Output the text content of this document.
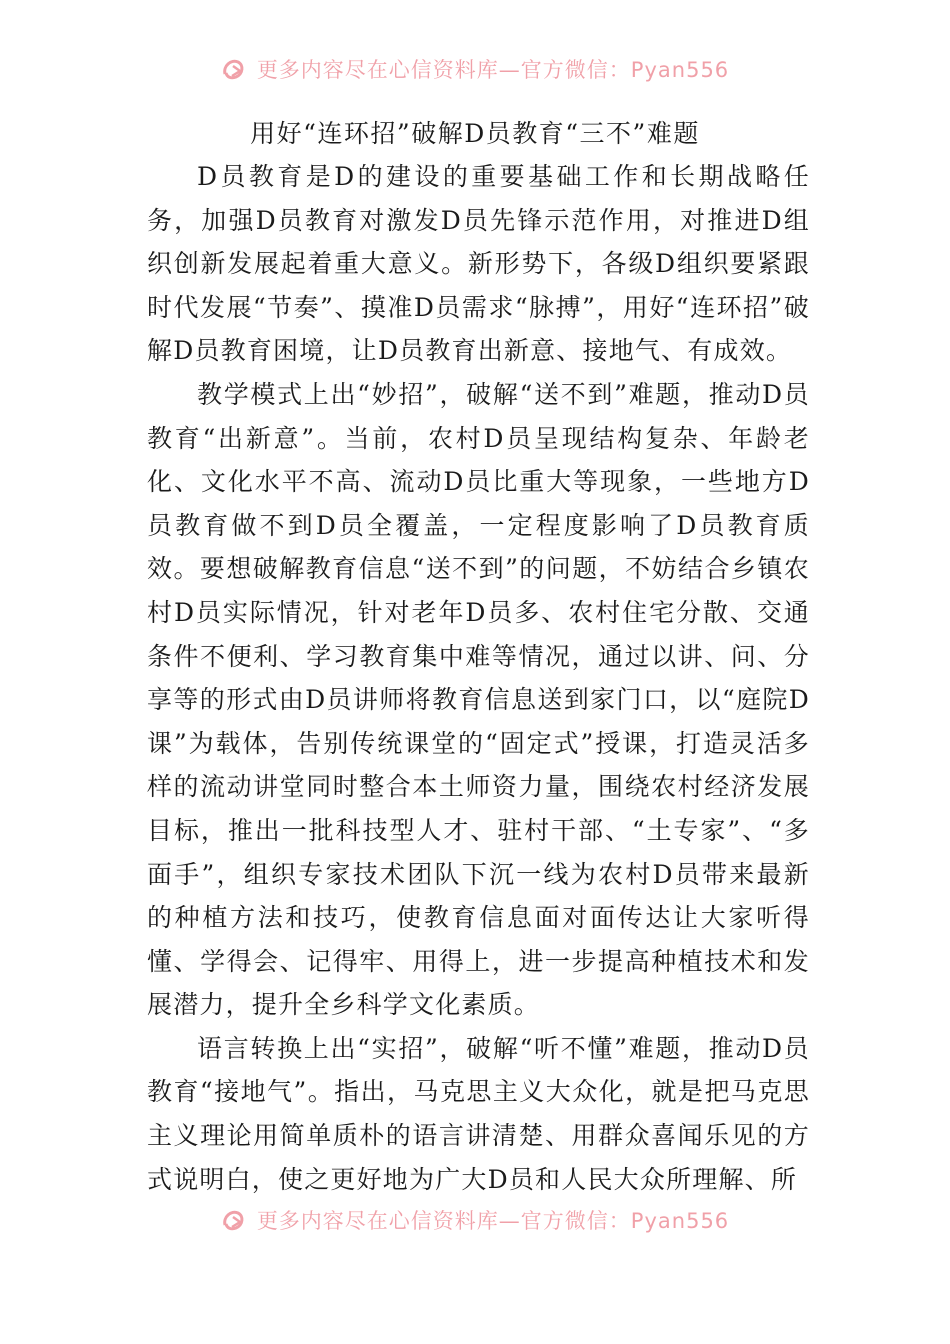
更多内容尽在心信资料库—官方微信：Pyan556
用好“连环招”破解D员教育“三不”难题

D员教育是D的建设的重要基础工作和长期战略任务，加强D员教育对激发D员先锋示范作用，对推进D组织创新发展起着重大意义。新形势下，各级D组织要紧跟时代发展“节奏”、摸准D员需求“脉搏”，用好“连环招”破解D员教育困境，让D员教育出新意、接地气、有成效。

教学模式上出“妙招”，破解“送不到”难题，推动D员教育“出新意”。当前，农村D员呈现结构复杂、年龄老化、文化水平不高、流动D员比重大等现象，一些地方D员教育做不到D员全覆盖，一定程度影响了D员教育质效。要想破解教育信息“送不到”的问题，不妨结合乡镇农村D员实际情况，针对老年D员多、农村住宅分散、交通条件不便利、学习教育集中难等情况，通过以讲、问、分享等的形式由D员讲师将教育信息送到家门口，以“庭院D课”为载体，告别传统课堂的“固定式”授课，打造灵活多样的流动讲堂同时整合本土师资力量，围绕农村经济发展目标，推出一批科技型人才、驻村干部、“土专家”、“多面手”，组织专家技术团队下沉一线为农村D员带来最新的种植方法和技巧，使教育信息面对面传达让大家听得懂、学得会、记得牢、用得上，进一步提高种植技术和发展潜力，提升全乡科学文化素质。

语言转换上出“实招”，破解“听不懂”难题，推动D员教育“接地气”。指出，马克思主义大众化，就是把马克思主义理论用简单质朴的语言讲清楚、用群众喜闻乐见的方式说明白，使之更好地为广大D员和人民大众所理解、所

更多内容尽在心信资料库—官方微信：Pyan556
